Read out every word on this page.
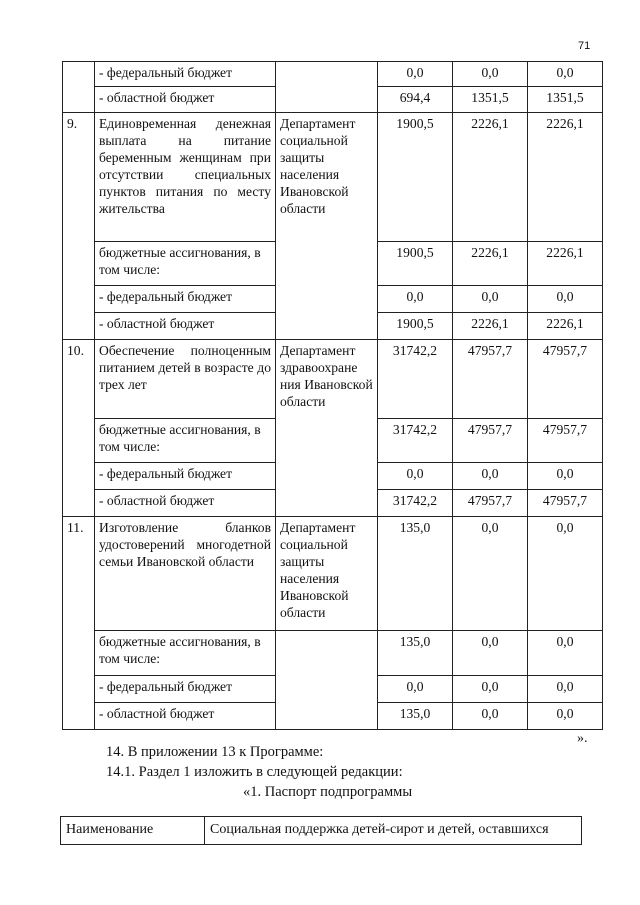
71
	- федеральный бюджет		0,0	0,0	0,0
	- областной бюджет		694,4	1351,5	1351,5
9.	Единовременная денежная выплата на питание беременным женщинам при отсутствии специальных пунктов питания по месту жительства	Департамент социальной защиты населения Ивановской области	1900,5	2226,1	2226,1
	бюджетные ассигнования, в том числе:		1900,5	2226,1	2226,1
	- федеральный бюджет		0,0	0,0	0,0
	- областной бюджет		1900,5	2226,1	2226,1
10.	Обеспечение полноценным питанием детей в возрасте до трех лет	Департамент здравоохране ния Ивановской области	31742,2	47957,7	47957,7
	бюджетные ассигнования, в том числе:		31742,2	47957,7	47957,7
	- федеральный бюджет		0,0	0,0	0,0
	- областной бюджет		31742,2	47957,7	47957,7
11.	Изготовление бланков удостоверений многодетной семьи Ивановской области	Департамент социальной защиты населения Ивановской области	135,0	0,0	0,0
	бюджетные ассигнования, в том числе:		135,0	0,0	0,0
	- федеральный бюджет		0,0	0,0	0,0
	- областной бюджет		135,0	0,0	0,0
».
14. В приложении 13 к Программе:
14.1. Раздел 1 изложить в следующей редакции:
«1. Паспорт подпрограммы
Наименование	Социальная поддержка детей-сирот и детей, оставшихся
